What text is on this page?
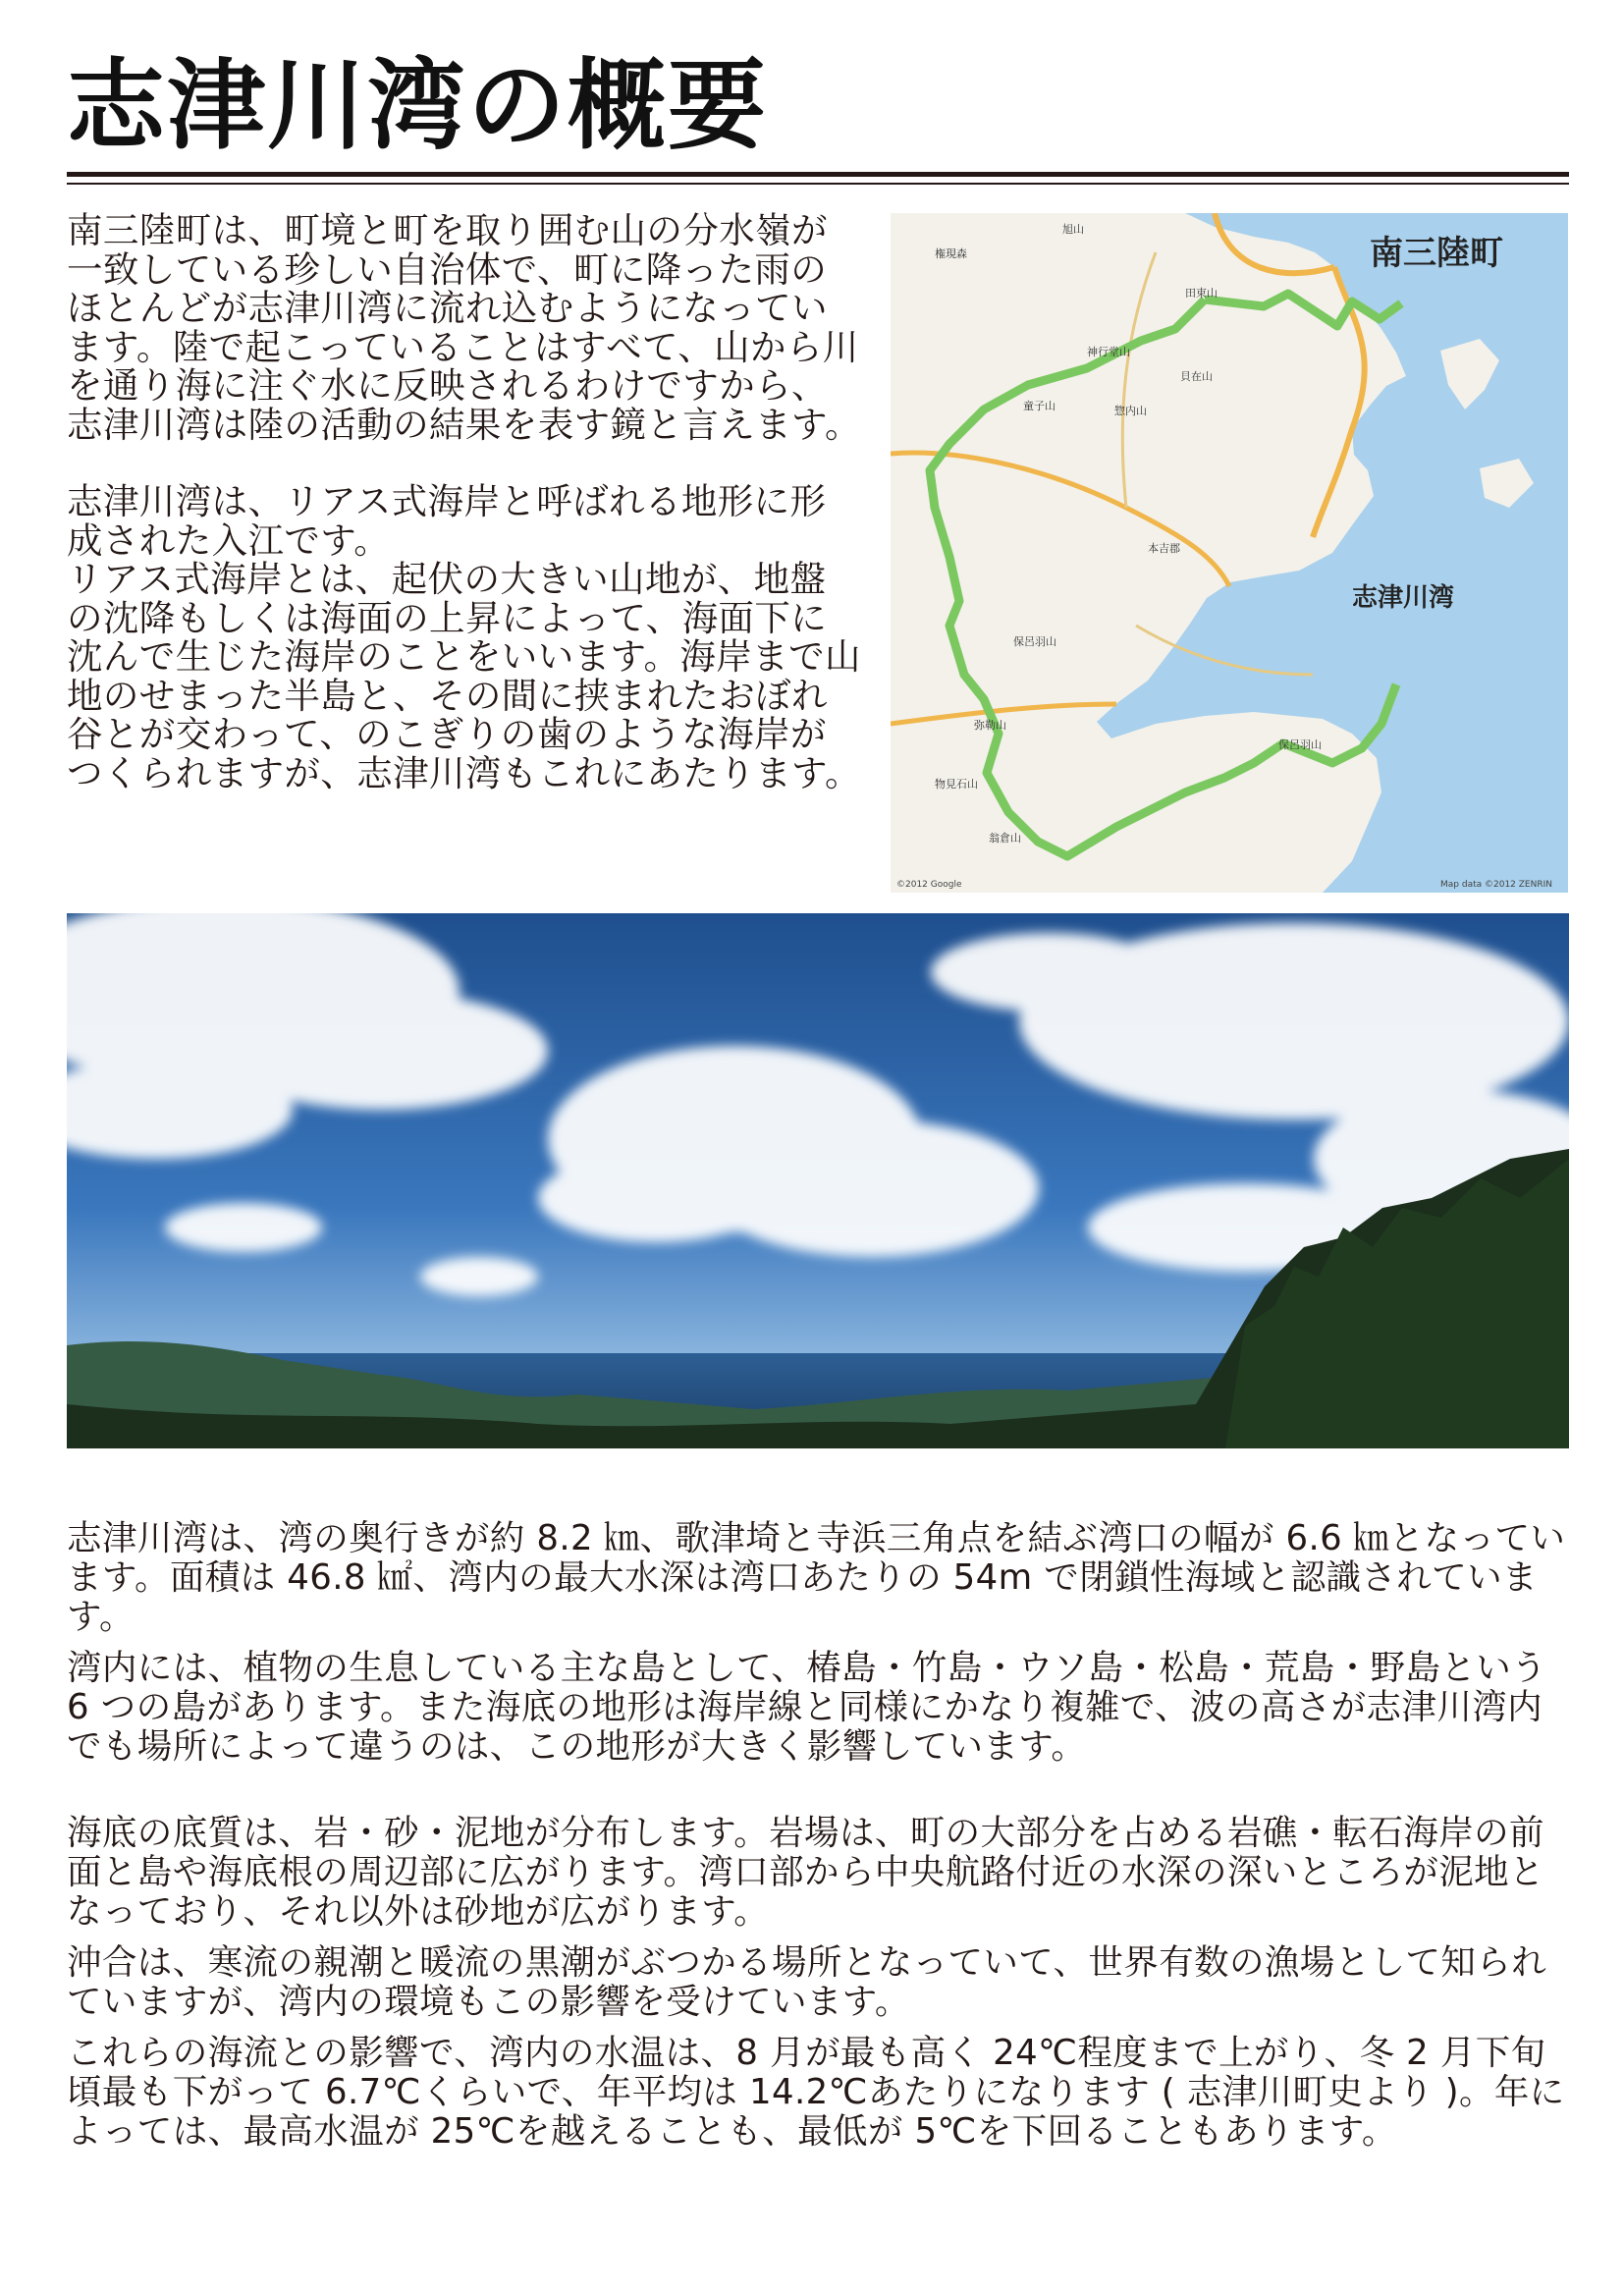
志津川湾の概要

南三陸町は、町境と町を取り囲む山の分水嶺が一致している珍しい自治体で、町に降った雨のほとんどが志津川湾に流れ込むようになっています。陸で起こっていることはすべて、山から川を通り海に注ぐ水に反映されるわけですから、志津川湾は陸の活動の結果を表す鏡と言えます。

志津川湾は、リアス式海岸と呼ばれる地形に形成された入江です。

リアス式海岸とは、起伏の大きい山地が、地盤の沈降もしくは海面の上昇によって、海面下に沈んで生じた海岸のことをいいます。海岸まで山地のせまった半島と、その間に挟まれたおぼれ谷とが交わって、のこぎりの歯のような海岸がつくられますが、志津川湾もこれにあたります。

南三陸町
志津川湾
旭山
権現森
田束山
神行堂山
童子山	惣内山
貝在山
本吉郡
保呂羽山
弥勒山
物見石山
翁倉山
保呂羽山
©2012 Google	Map data ©2012 ZENRIN

志津川湾は、湾の奥行きが約 8.2 ㎞、歌津埼と寺浜三角点を結ぶ湾口の幅が 6.6 ㎞となっています。面積は 46.8 ㎢、湾内の最大水深は湾口あたりの 54m で閉鎖性海域と認識されています。

湾内には、植物の生息している主な島として、椿島・竹島・ウソ島・松島・荒島・野島という 6 つの島があります。また海底の地形は海岸線と同様にかなり複雑で、波の高さが志津川湾内でも場所によって違うのは、この地形が大きく影響しています。

海底の底質は、岩・砂・泥地が分布します。岩場は、町の大部分を占める岩礁・転石海岸の前面と島や海底根の周辺部に広がります。湾口部から中央航路付近の水深の深いところが泥地となっており、それ以外は砂地が広がります。

沖合は、寒流の親潮と暖流の黒潮がぶつかる場所となっていて、世界有数の漁場として知られていますが、湾内の環境もこの影響を受けています。

これらの海流との影響で、湾内の水温は、8 月が最も高く 24℃程度まで上がり、冬 2 月下旬頃最も下がって 6.7℃くらいで、年平均は 14.2℃あたりになります ( 志津川町史より )。年によっては、最高水温が 25℃を越えることも、最低が 5℃を下回ることもあります。
